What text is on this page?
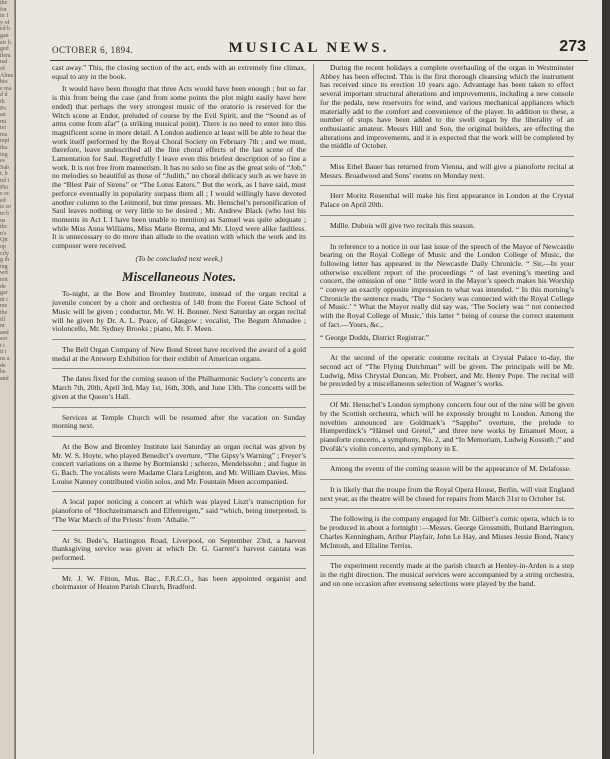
the
for
in 1
y of
ed b
gan
eir h
ged
tlem
nal
of
Alme
bio
e ma
d d
th
Po
an
mi
tet
ma
mpl
tha
ing
es
Sab
t, b
nd t
Phi
e ec
ed
is so
to b
us
thc
n's
Qtr
op
ctly
g th
ing
wrt
not
de
gar
nt i
me
the
ill
nt
and
sor
t t
it i
ns a
de
be
and
OCTOBER 6, 1894.	MUSICAL NEWS.	273

cast away.” This, the closing section of the act, ends with an extremely fine climax, equal to any in the book.

It would have been thought that three Acts would have been enough ; but so far is this from being the case (and from some points the plot might easily have here ended) that perhaps the very strongest music of the oratorio is reserved for the Witch scene at Endor, preluded of course by the Evil Spirit, and the “Sound as of arms come from afar” (a striking musical point). There is no need to enter into this magnificent scene in more detail. A London audience at least will be able to hear the work itself performed by the Royal Choral Society on February 7th ; and we must, therefore, leave undescribed all the fine choral effects of the last scene of the Lamentation for Saul. Regretfully I leave even this briefest description of so fine a work. It is not free from mannerism. It has no solo so fine as the great solo of “Job,” no melodies so beautiful as those of “Judith,” no choral delicacy such as we have in the “Blest Pair of Sirens” or “The Lotus Eaters.” But the work, as I have said, must perforce eventually in popularity surpass them all ; I would willingly have devoted another column to the Leitmotif, but time presses. Mr. Henschel’s personification of Saul leaves nothing or very little to be desired ; Mr. Andrew Black (who lost his moments in Act I. I have been unable to mention) as Samuel was quite adequate ; while Miss Anna Williams, Miss Marie Brema, and Mr. Lloyd were alike faultless. It is unnecessary to do more than allude to the ovation with which the work and its composer were received.

(To be concluded next week.)
Miscellaneous Notes.

To-night, at the Bow and Bromley Institute, instead of the organ recital a juvenile concert by a choir and orchestra of 140 from the Forest Gate School of Music will be given ; conductor, Mr. W. H. Bonner. Next Saturday an organ recital will be given by Dr. A. L. Peace, of Glasgow ; vocalist, The Begum Ahmadee ; violoncello, Mr. Sydney Brooks ; piano, Mr. F. Meen.

The Bell Organ Company of New Bond Street have received the award of a gold medal at the Antwerp Exhibition for their exhibit of American organs.

The dates fixed for the coming season of the Philharmonic Society’s concerts are March 7th, 20th, April 3rd, May 1st, 16th, 30th, and June 13th. The concerts will be given at the Queen’s Hall.

Services at Temple Church will be resumed after the vacation on Sunday morning next.

At the Bow and Bromley Institute last Saturday an organ recital was given by Mr. W. S. Hoyte, who played Benedict’s overture, “The Gipsy’s Warning” ; Freyer’s concert variations on a theme by Bortnianski ; scherzo, Mendelssohn ; and fugue in G, Bach. The vocalists were Madame Clara Leighton, and Mr. William Davies. Miss Louise Nanney contributed violin solos, and Mr. Fountain Meen accompanied.

A local paper noticing a concert at which was played Liszt’s transcription for pianoforte of “Hochzeitsmarsch and Elfenreigen,” said “which, being interpreted, is ‘The War March of the Priests’ from ‘Athalie.’”

At St. Bede’s, Hartington Road, Liverpool, on September 23rd, a harvest thanksgiving service was given at which Dr. G. Garrett’s harvest cantata was performed.

Mr. J. W. Fitton, Mus. Bac., F.R.C.O., has been appointed organist and choirmaster of Heaton Parish Church, Bradford.

During the recent holidays a complete overhauling of the organ in Westminster Abbey has been effected. This is the first thorough cleansing which the instrument has received since its erection 10 years ago. Advantage has been taken to effect several important structural alterations and improvements, including a new console for the pedals, new reservoirs for wind, and various mechanical appliances which materially add to the comfort and convenience of the player. In addition to these, a number of stops have been added to the swell organ by the liberality of an enthusiastic amateur. Messrs Hill and Son, the original builders, are effecting the alterations and improvements, and it is expected that the work will be completed by the middle of October.

Miss Ethel Bauer has returned from Vienna, and will give a pianoforte recital at Messrs. Broadwood and Sons’ rooms on Monday next.

Herr Moritz Rosenthal will make his first appearance in London at the Crystal Palace on April 20th.

Mdlle. Dubois will give two recitals this season.

In reference to a notice in our last issue of the speech of the Mayor of Newcastle bearing on the Royal College of Music and the London College of Music, the following letter has appeared in the Newcastle Daily Chronicle. “ Sir,—In your otherwise excellent report of the proceedings “ of last evening’s meeting and concert, the omission of one “ little word in the Mayor’s speech makes his Worship “ convey an exactly opposite impression to what was intended. “ In this morning’s Chronicle the sentence reads, ‘The “ Society was connected with the Royal College of Music.’ “ What the Mayor really did say was, ‘The Society was “ not connected with the Royal College of Music,’ this latter “ being of course the correct statement of fact.—Yours, &c.,

“ George Dodds, District Registrar.”

At the second of the operatic costume recitals at Crystal Palace to-day, the second act of “The Flying Dutchman” will be given. The principals will be Mr. Ludwig, Miss Chrystal Duncan, Mr. Probert, and Mr. Henry Pope. The recital will be preceded by a miscellaneous selection of Wagner’s works.

Of Mr. Henschel’s London symphony concerts four out of the nine will be given by the Scottish orchestra, which will be expressly brought to London. Among the novelties announced are Goldmark’s “Sappho” overture, the prelude to Humperdinck’s “Hänsel und Gretel,” and three new works by Emanuel Moor, a pianoforte concerto, a symphony, No. 2, and “In Memoriam, Ludwig Kossuth ;” and Dvořák’s violin concerto, and symphony in E.

Among the events of the coming season will be the appearance of M. Delafosse.

It is likely that the troupe from the Royal Opera House, Berlin, will visit England next year, as the theatre will be closed for repairs from March 31st to October 1st.

The following is the company engaged for Mr. Gilbert’s comic opera, which is to be produced in about a fortnight :—Messrs. George Grossmith, Rutland Barrington, Charles Kenningham, Arthur Playfair, John Le Hay, and Misses Jessie Bond, Nancy McIntosh, and Ellaline Terriss.

The experiment recently made at the parish church at Henley-in-Arden is a step in the right direction. The musical services were accompanied by a string orchestra, and on one occasion after evensong selections were played by the band.
